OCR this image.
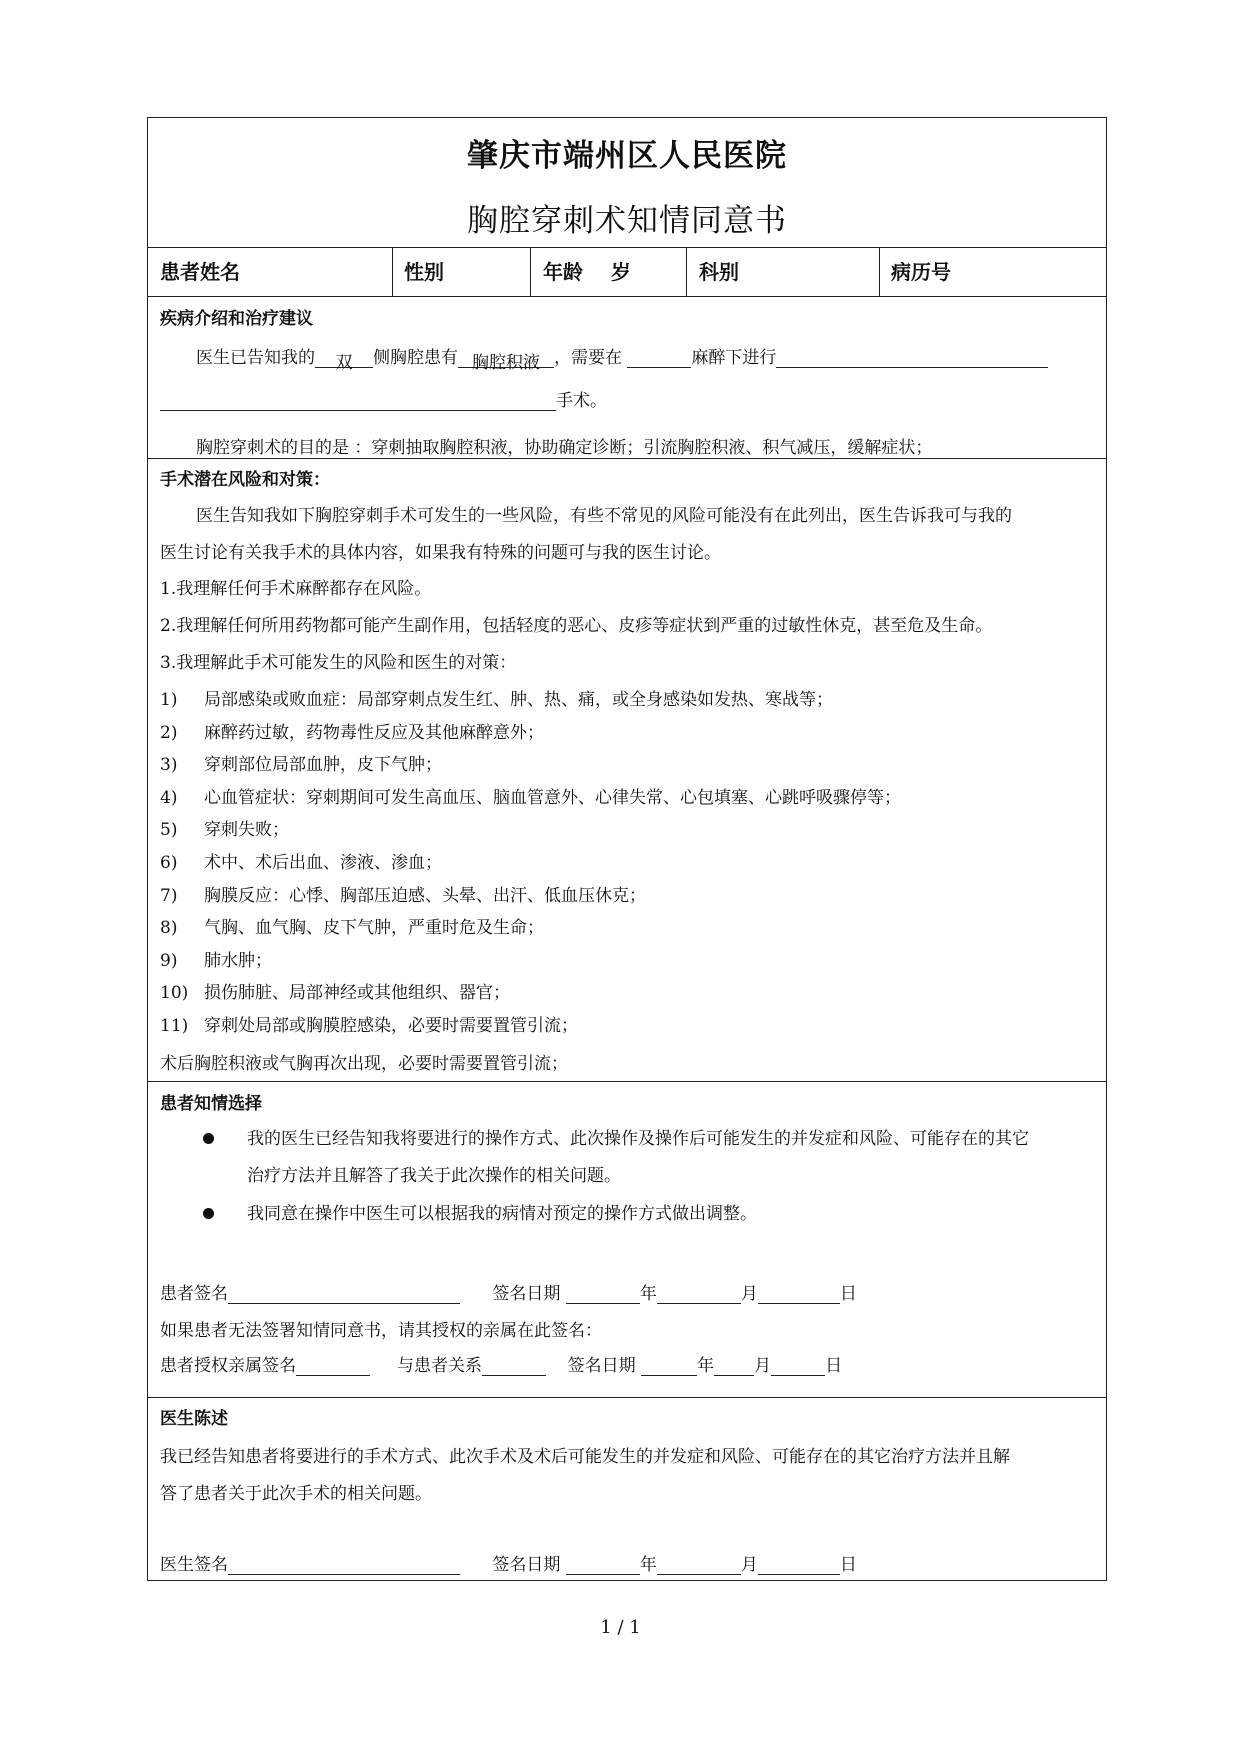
肇庆市端州区人民医院
胸腔穿刺术知情同意书
患者姓名	性别	年龄 岁	科别	病历号
疾病介绍和治疗建议
医生已告知我的 双 侧胸腔患有 胸腔积液 ，需要在	麻醉下进行
手术。
胸腔穿刺术的目的是 ：穿刺抽取胸腔积液，协助确定诊断；引流胸腔积液、积气减压，缓解症状；
手术潜在风险和对策：
医生告知我如下胸腔穿刺手术可发生的一些风险，有些不常见的风险可能没有在此列出，医生告诉我可与我的
医生讨论有关我手术的具体内容，如果我有特殊的问题可与我的医生讨论。
1.我理解任何手术麻醉都存在风险。
2.我理解任何所用药物都可能产生副作用，包括轻度的恶心、皮疹等症状到严重的过敏性休克，甚至危及生命。
3.我理解此手术可能发生的风险和医生的对策：
1) 局部感染或败血症：局部穿刺点发生红、肿、热、痛，或全身感染如发热、寒战等；
2) 麻醉药过敏，药物毒性反应及其他麻醉意外；
3) 穿刺部位局部血肿，皮下气肿；
4) 心血管症状：穿刺期间可发生高血压、脑血管意外、心律失常、心包填塞、心跳呼吸骤停等；
5) 穿刺失败；
6) 术中、术后出血、渗液、渗血；
7) 胸膜反应：心悸、胸部压迫感、头晕、出汗、低血压休克；
8) 气胸、血气胸、皮下气肿，严重时危及生命；
9) 肺水肿；
10) 损伤肺脏、局部神经或其他组织、器官；
11) 穿刺处局部或胸膜腔感染，必要时需要置管引流；
术后胸腔积液或气胸再次出现，必要时需要置管引流；
患者知情选择
我的医生已经告知我将要进行的操作方式、此次操作及操作后可能发生的并发症和风险、可能存在的其它
治疗方法并且解答了我关于此次操作的相关问题。
我同意在操作中医生可以根据我的病情对预定的操作方式做出调整。
患者签名	签名日期	年	月	日
如果患者无法签署知情同意书，请其授权的亲属在此签名：
患者授权亲属签名	与患者关系	签名日期	年 月	日
医生陈述
我已经告知患者将要进行的手术方式、此次手术及术后可能发生的并发症和风险、可能存在的其它治疗方法并且解
答了患者关于此次手术的相关问题。
医生签名	签名日期	年	月	日
1 / 1
